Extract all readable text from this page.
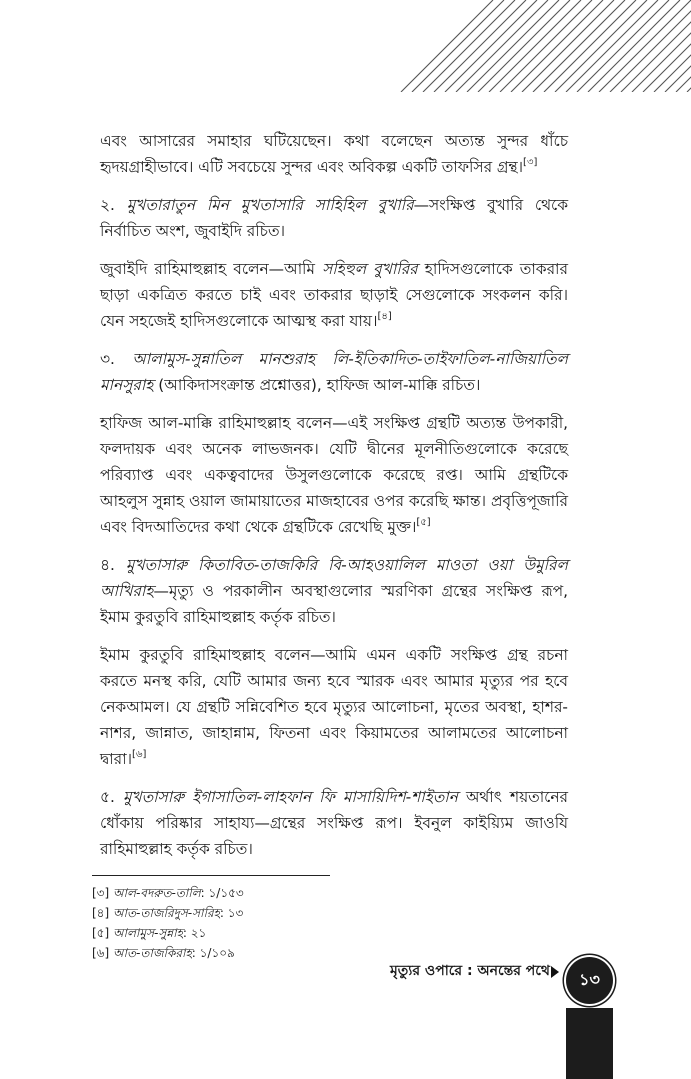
এবং আসারের সমাহার ঘটিয়েছেন। কথা বলেছেন অত্যন্ত সুন্দর ধাঁচে হৃদয়গ্রাহীভাবে। এটি সবচেয়ে সুন্দর এবং অবিকল্প একটি তাফসির গ্রন্থ।[৩]

২. মুখতারাতুন মিন মুখতাসারি সাহিহিল বুখারি—সংক্ষিপ্ত বুখারি থেকে নির্বাচিত অংশ, জুবাইদি রচিত।

জুবাইদি রাহিমাহুল্লাহ বলেন—আমি সহিহুল বুখারির হাদিসগুলোকে তাকরার ছাড়া একত্রিত করতে চাই এবং তাকরার ছাড়াই সেগুলোকে সংকলন করি। যেন সহজেই হাদিসগুলোকে আত্মস্থ করা যায়।[৪]

৩. আলামুস-সুন্নাতিল মানশুরাহ লি-ইতিকাদিত-তাইফাতিল-নাজিয়াতিল মানসুরাহ (আকিদাসংক্রান্ত প্রশ্নোত্তর), হাফিজ আল-মাক্কি রচিত।

হাফিজ আল-মাক্কি রাহিমাহুল্লাহ বলেন—এই সংক্ষিপ্ত গ্রন্থটি অত্যন্ত উপকারী, ফলদায়ক এবং অনেক লাভজনক। যেটি দ্বীনের মূলনীতিগুলোকে করেছে পরিব্যাপ্ত এবং একত্ববাদের উসুলগুলোকে করেছে রপ্ত। আমি গ্রন্থটিকে আহলুস সুন্নাহ ওয়াল জামায়াতের মাজহাবের ওপর করেছি ক্ষান্ত। প্রবৃত্তিপূজারি এবং বিদআতিদের কথা থেকে গ্রন্থটিকে রেখেছি মুক্ত।[৫]

৪. মুখতাসারু কিতাবিত-তাজকিরি বি-আহওয়ালিল মাওতা ওয়া উমুরিল আখিরাহ—মৃত্যু ও পরকালীন অবস্থাগুলোর স্মরণিকা গ্রন্থের সংক্ষিপ্ত রূপ, ইমাম কুরতুবি রাহিমাহুল্লাহ কর্তৃক রচিত।

ইমাম কুরতুবি রাহিমাহুল্লাহ বলেন—আমি এমন একটি সংক্ষিপ্ত গ্রন্থ রচনা করতে মনস্থ করি, যেটি আমার জন্য হবে স্মারক এবং আমার মৃত্যুর পর হবে নেকআমল। যে গ্রন্থটি সন্নিবেশিত হবে মৃত্যুর আলোচনা, মৃতের অবস্থা, হাশর-নাশর, জান্নাত, জাহান্নাম, ফিতনা এবং কিয়ামতের আলামতের আলোচনা দ্বারা।[৬]

৫. মুখতাসারু ইগাসাতিল-লাহফান ফি মাসায়িদিশ-শাইতান অর্থাৎ শয়তানের ধোঁকায় পরিষ্কার সাহায্য—গ্রন্থের সংক্ষিপ্ত রূপ। ইবনুল কাইয়্যিম জাওযি রাহিমাহুল্লাহ কর্তৃক রচিত।

[৩] আল-বদরুত-তালি: ১/১৫৩
[৪] আত-তাজরিদুস-সারিহ: ১৩
[৫] আলামুস-সুন্নাহ: ২১
[৬] আত-তাজকিরাহ: ১/১০৯
মৃত্যুর ওপারে : অনন্তের পথে	১৩
